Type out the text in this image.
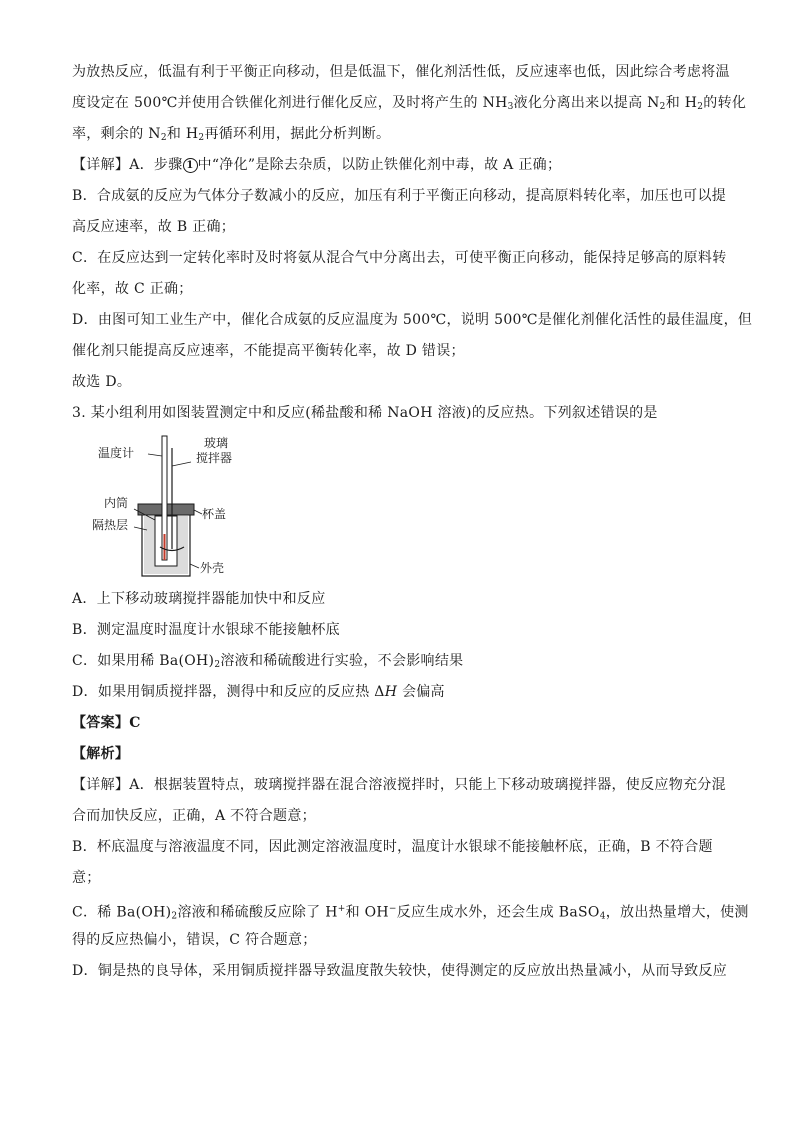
为放热反应，低温有利于平衡正向移动，但是低温下，催化剂活性低，反应速率也低，因此综合考虑将温
度设定在 500℃并使用合铁催化剂进行催化反应，及时将产生的 $NH_3$液化分离出来以提高 $N_2$和 $H_2$的转化
率，剩余的 $N_2$和 $H_2$再循环利用，据此分析判断。
【详解】A．步骤 1 中“净化”是除去杂质，以防止铁催化剂中毒，故 A 正确；
B．合成氨的反应为气体分子数减小的反应，加压有利于平衡正向移动，提高原料转化率，加压也可以提
高反应速率，故 B 正确；
C．在反应达到一定转化率时及时将氨从混合气中分离出去，可使平衡正向移动，能保持足够高的原料转
化率，故 C 正确；
D．由图可知工业生产中，催化合成氨的反应温度为 500℃，说明 500℃是催化剂催化活性的最佳温度，但
催化剂只能提高反应速率，不能提高平衡转化率，故 D 错误；
故选 D。
3. 某小组利用如图装置测定中和反应(稀盐酸和稀 NaOH 溶液)的反应热。下列叙述错误的是
温度计
玻璃
搅拌器
内筒
杯盖
隔热层
外壳
A．上下移动玻璃搅拌器能加快中和反应
B．测定温度时温度计水银球不能接触杯底
C．如果用稀 $Ba(OH)_2$溶液和稀硫酸进行实验，不会影响结果
D．如果用铜质搅拌器，测得中和反应的反应热 ΔH 会偏高
【答案】C
【解析】
【详解】A．根据装置特点，玻璃搅拌器在混合溶液搅拌时，只能上下移动玻璃搅拌器，使反应物充分混
合而加快反应，正确，A 不符合题意；
B．杯底温度与溶液温度不同，因此测定溶液温度时，温度计水银球不能接触杯底，正确，B 不符合题
意；
C．稀 $Ba(OH)_2$溶液和稀硫酸反应除了 H+和 OH−反应生成水外，还会生成 BaSO$_4$，放出热量增大，使测
得的反应热偏小，错误，C 符合题意；
D．铜是热的良导体，采用铜质搅拌器导致温度散失较快，使得测定的反应放出热量减小，从而导致反应
